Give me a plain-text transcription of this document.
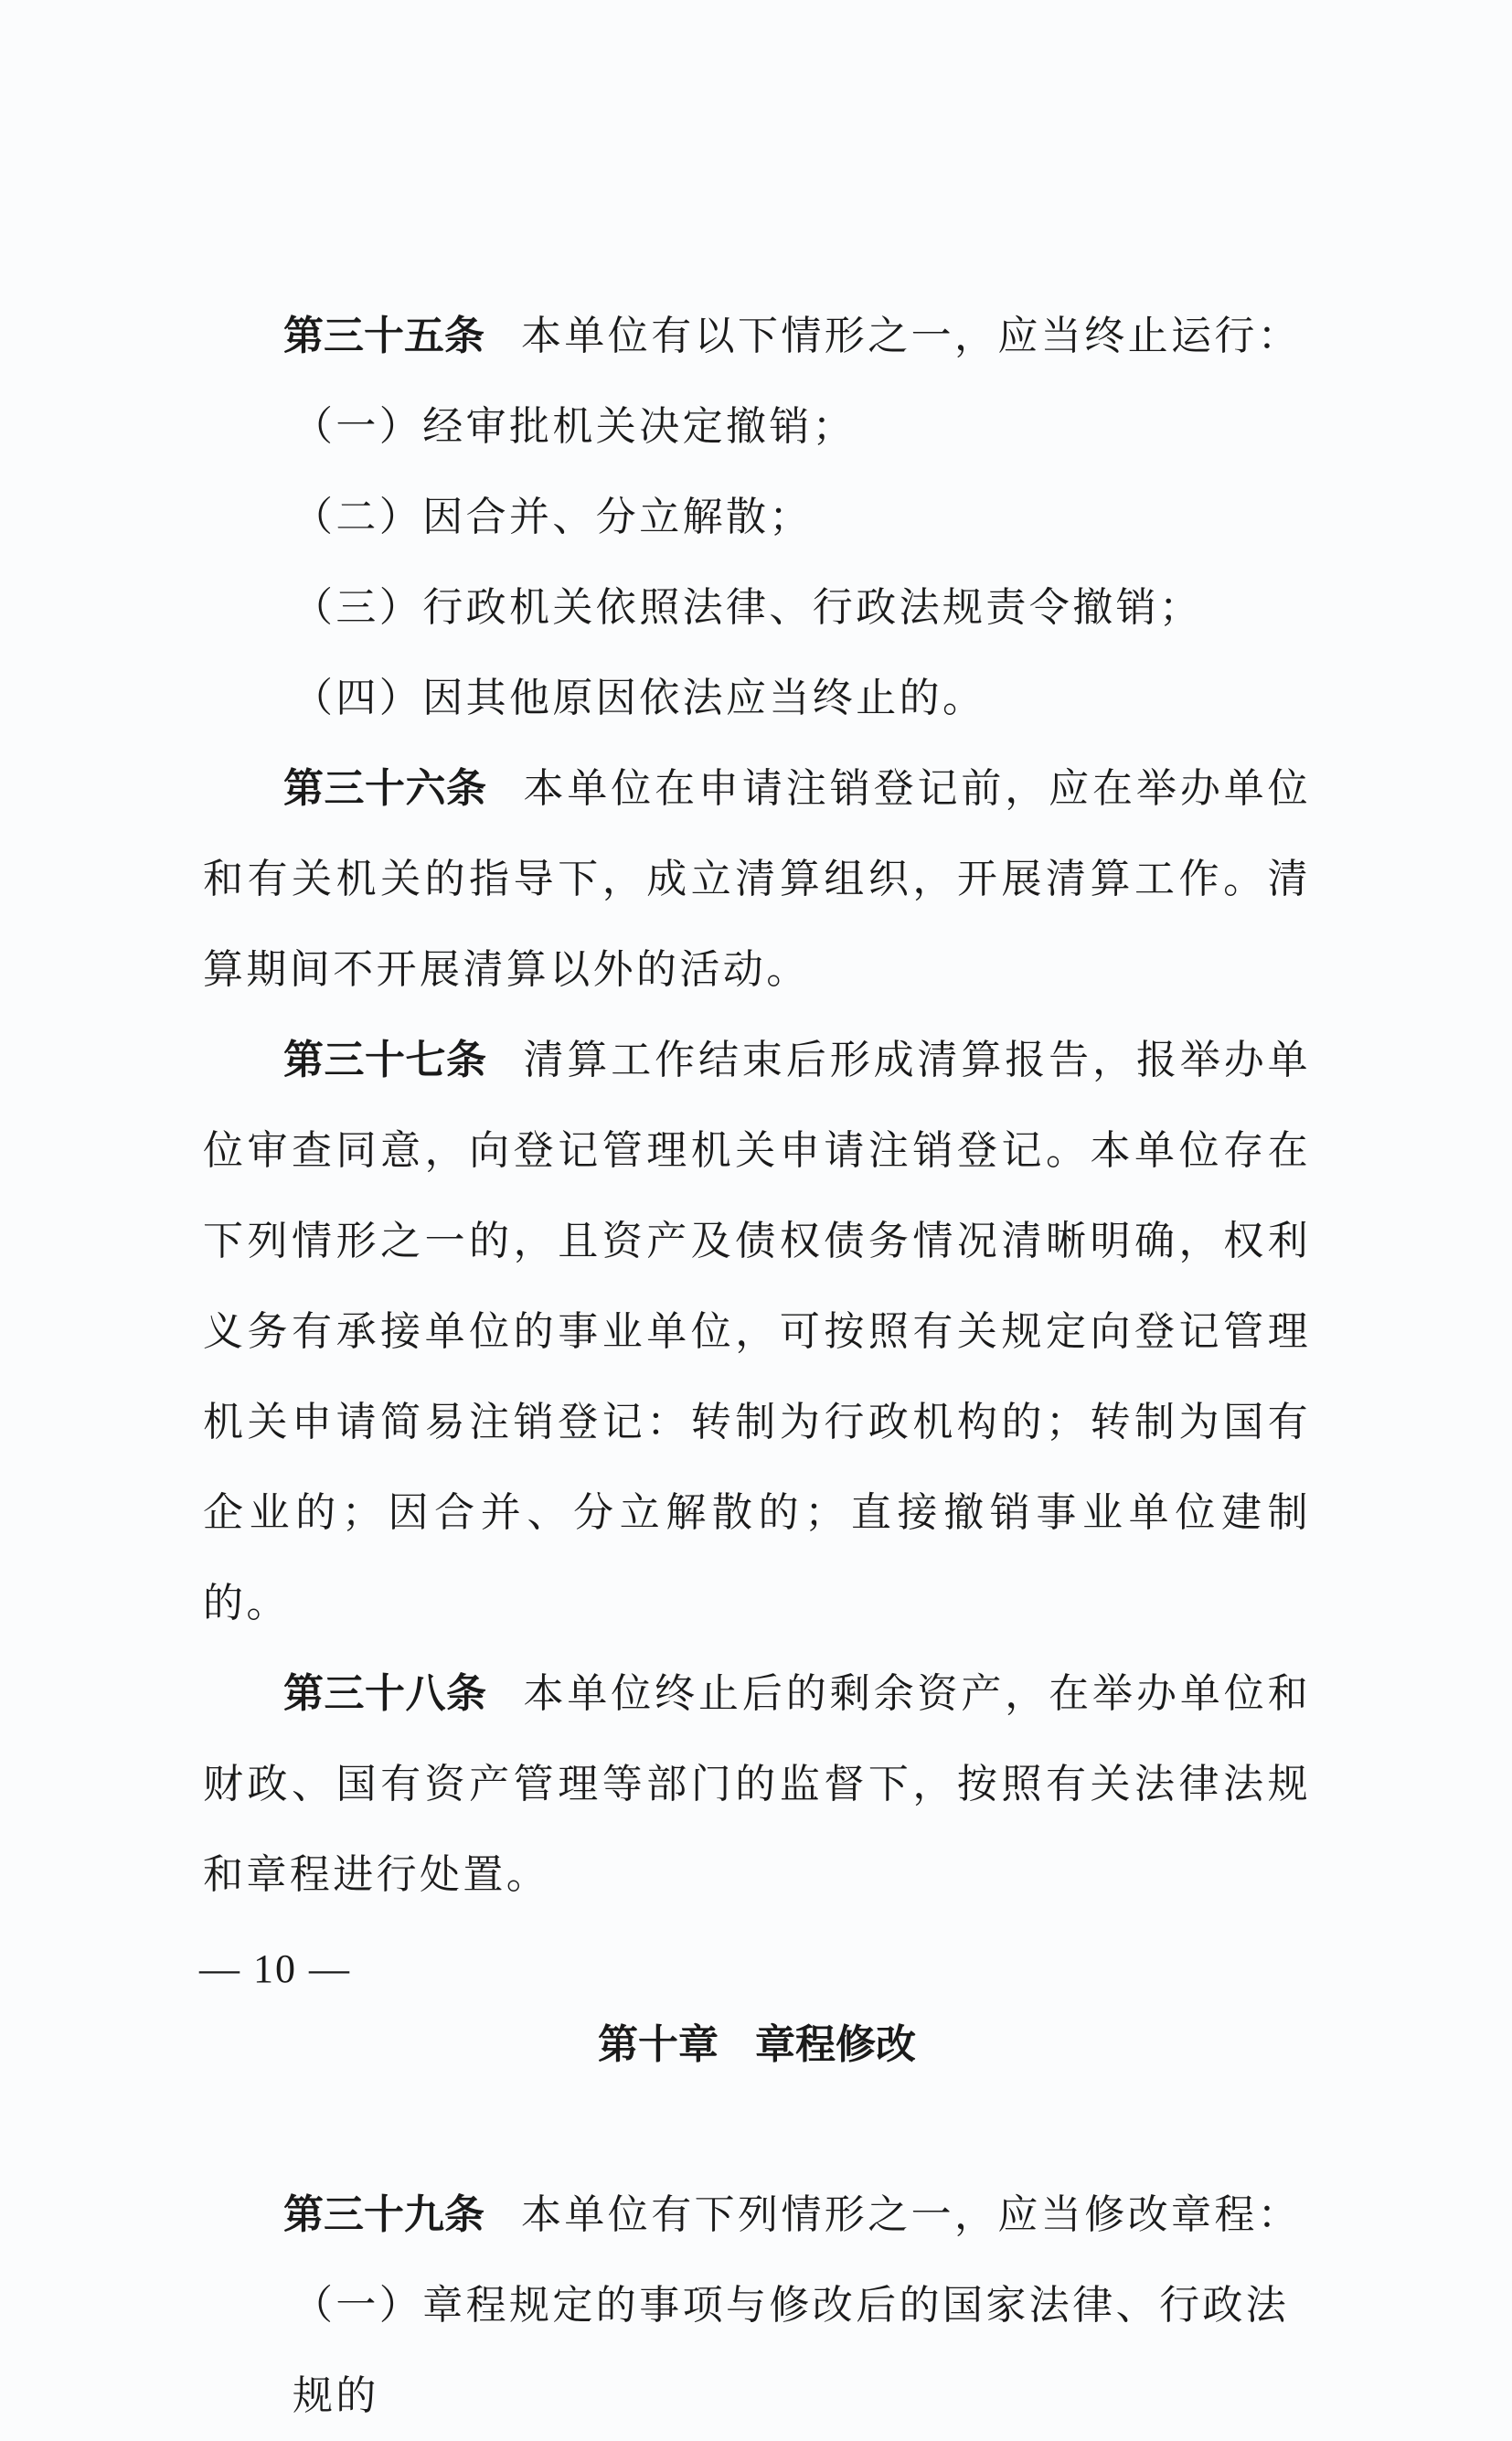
第三十五条 本单位有以下情形之一，应当终止运行：

（一）经审批机关决定撤销；

（二）因合并、分立解散；

（三）行政机关依照法律、行政法规责令撤销；

（四）因其他原因依法应当终止的。

第三十六条 本单位在申请注销登记前，应在举办单位和有关机关的指导下，成立清算组织，开展清算工作。清算期间不开展清算以外的活动。

第三十七条 清算工作结束后形成清算报告，报举办单位审查同意，向登记管理机关申请注销登记。本单位存在下列情形之一的，且资产及债权债务情况清晰明确，权利义务有承接单位的事业单位，可按照有关规定向登记管理机关申请简易注销登记：转制为行政机构的；转制为国有企业的；因合并、分立解散的；直接撤销事业单位建制的。

第三十八条 本单位终止后的剩余资产，在举办单位和财政、国有资产管理等部门的监督下，按照有关法律法规和章程进行处置。

第十章 章程修改

第三十九条 本单位有下列情形之一，应当修改章程：

（一）章程规定的事项与修改后的国家法律、行政法规的

— 10 —
